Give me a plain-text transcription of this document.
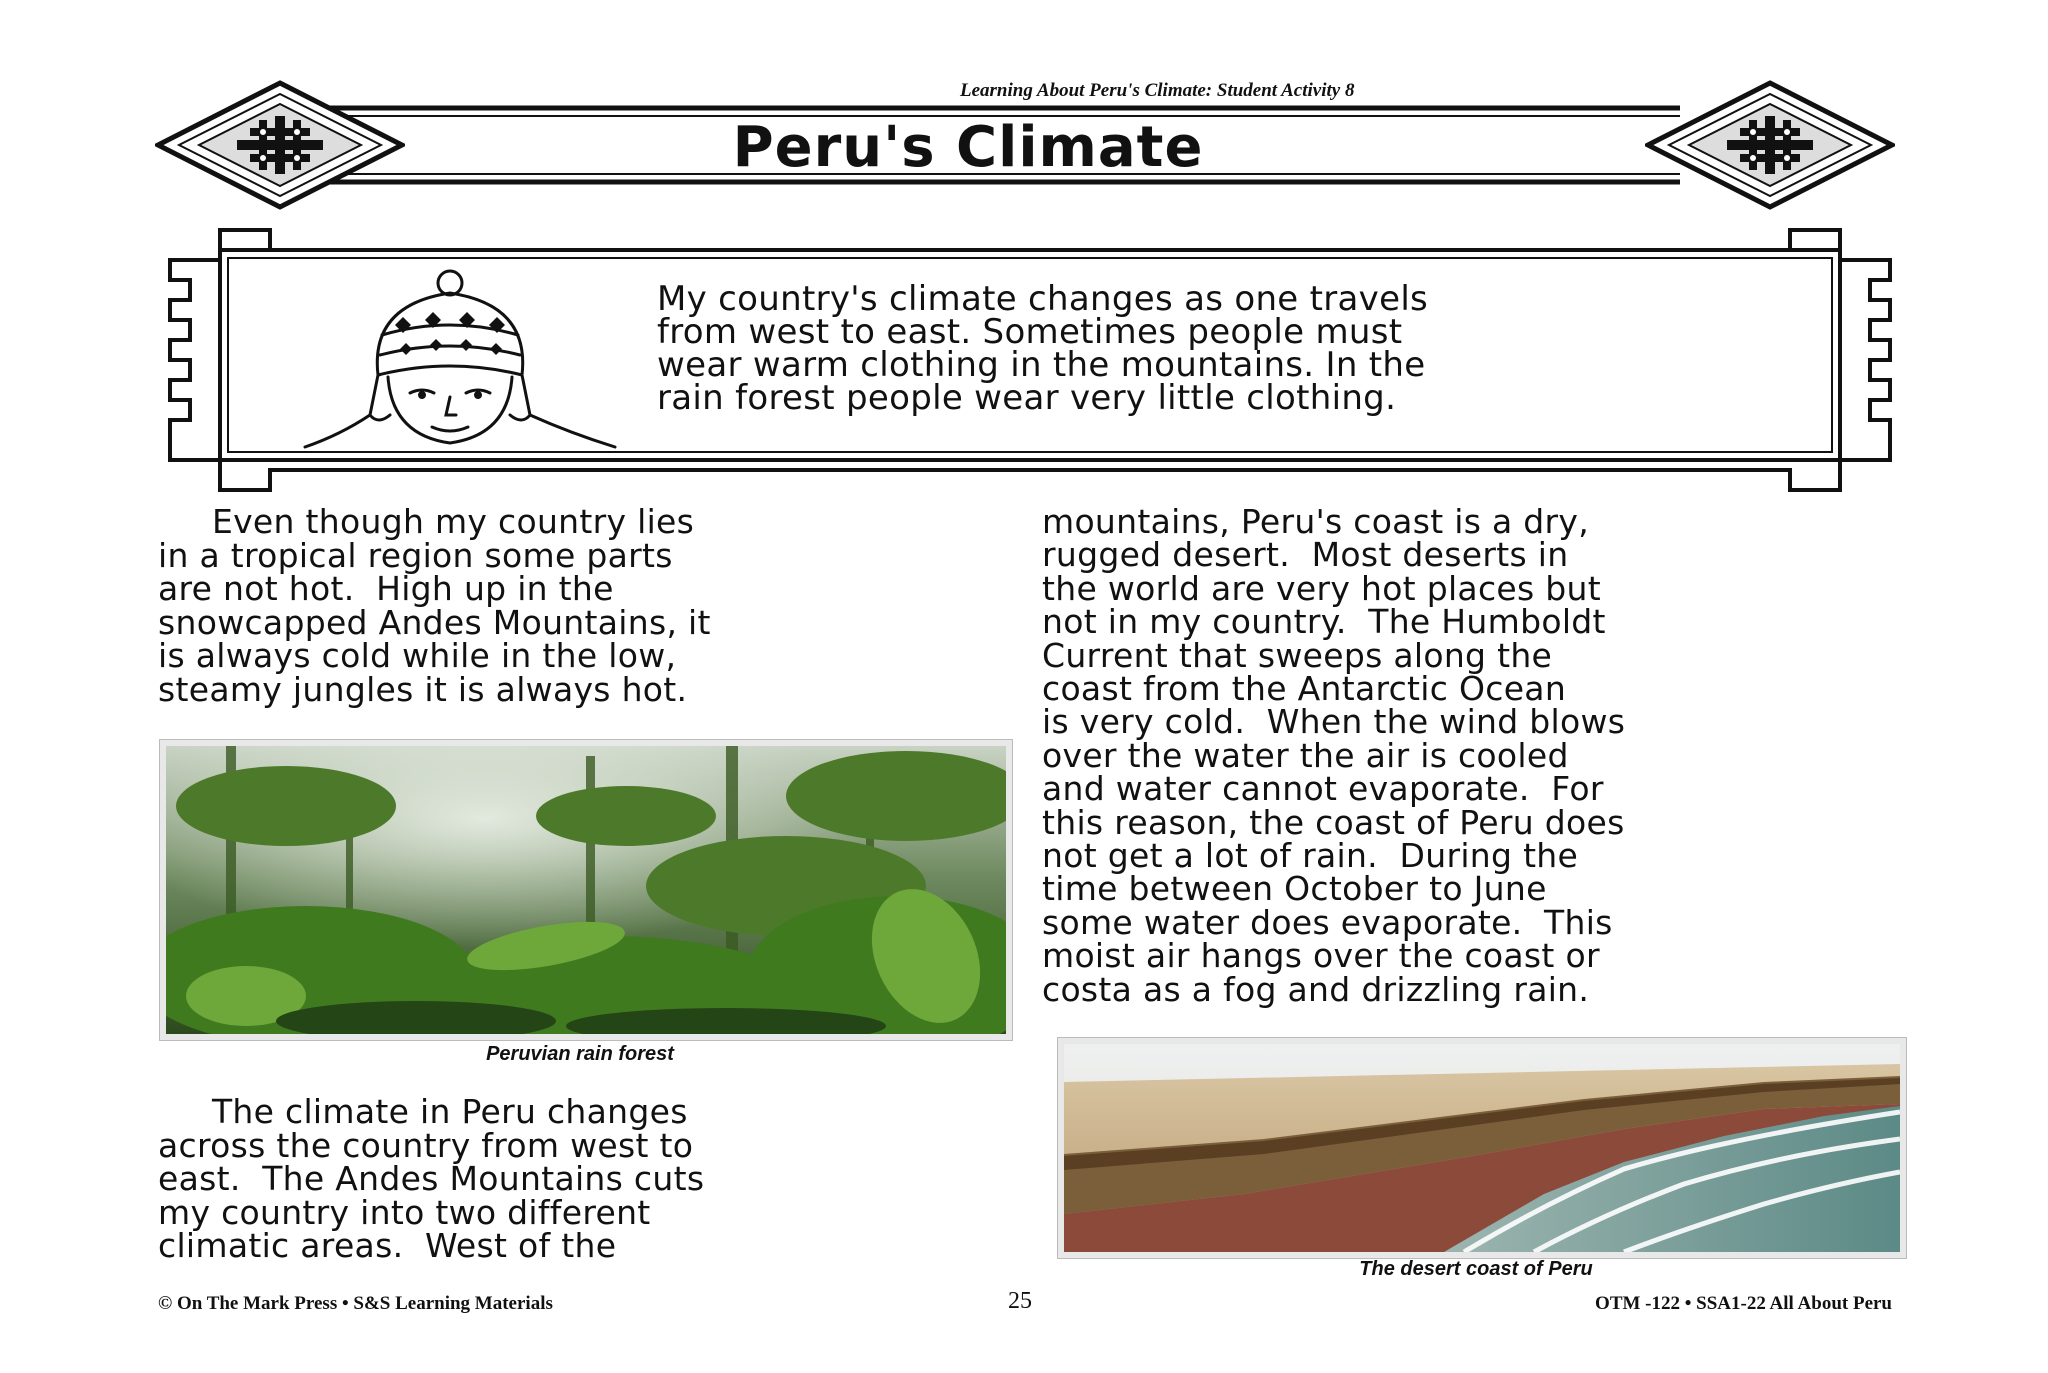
Learning About Peru's Climate: Student Activity 8
Peru's Climate

My country's climate changes as one travels
from west to east. Sometimes people must
wear warm clothing in the mountains. In the
rain forest people wear very little clothing.

Even though my country lies
in a tropical region some parts
are not hot.  High up in the
snowcapped Andes Mountains, it
is always cold while in the low,
steamy jungles it is always hot.

Peruvian rain forest

The climate in Peru changes
across the country from west to
east.  The Andes Mountains cuts
my country into two different
climatic areas.  West of the

mountains, Peru's coast is a dry,
rugged desert.  Most deserts in
the world are very hot places but
not in my country.  The Humboldt
Current that sweeps along the
coast from the Antarctic Ocean
is very cold.  When the wind blows
over the water the air is cooled
and water cannot evaporate.  For
this reason, the coast of Peru does
not get a lot of rain.  During the
time between October to June
some water does evaporate.  This
moist air hangs over the coast or
costa as a fog and drizzling rain.

The desert coast of Peru
© On The Mark Press • S&S Learning Materials	25	OTM -122 • SSA1-22 All About Peru
